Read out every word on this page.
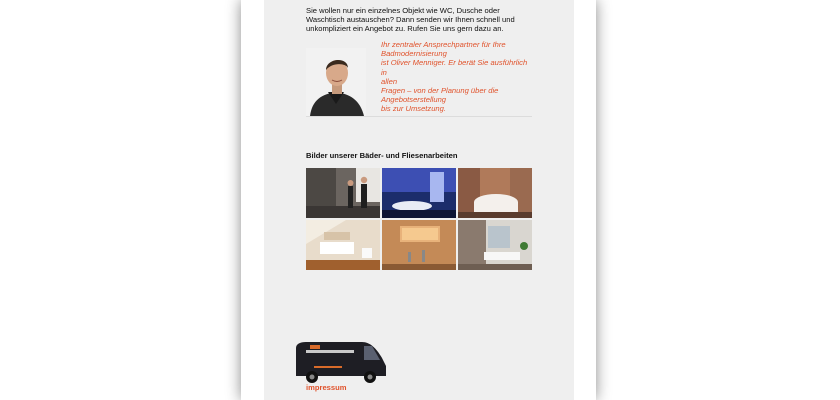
Sie wollen nur ein einzelnes Objekt wie WC, Dusche oder Waschtisch austauschen? Dann senden wir Ihnen schnell und unkompliziert ein Angebot zu. Rufen Sie uns gern dazu an.

Ihr zentraler Ansprechpartner für Ihre
Badmodernisierung
ist Oliver Menniger. Er berät Sie ausführlich in
allen
Fragen – von der Planung über die
Angebotserstellung
bis zur Umsetzung.

Bilder unserer Bäder- und Fliesenarbeiten
impressum
